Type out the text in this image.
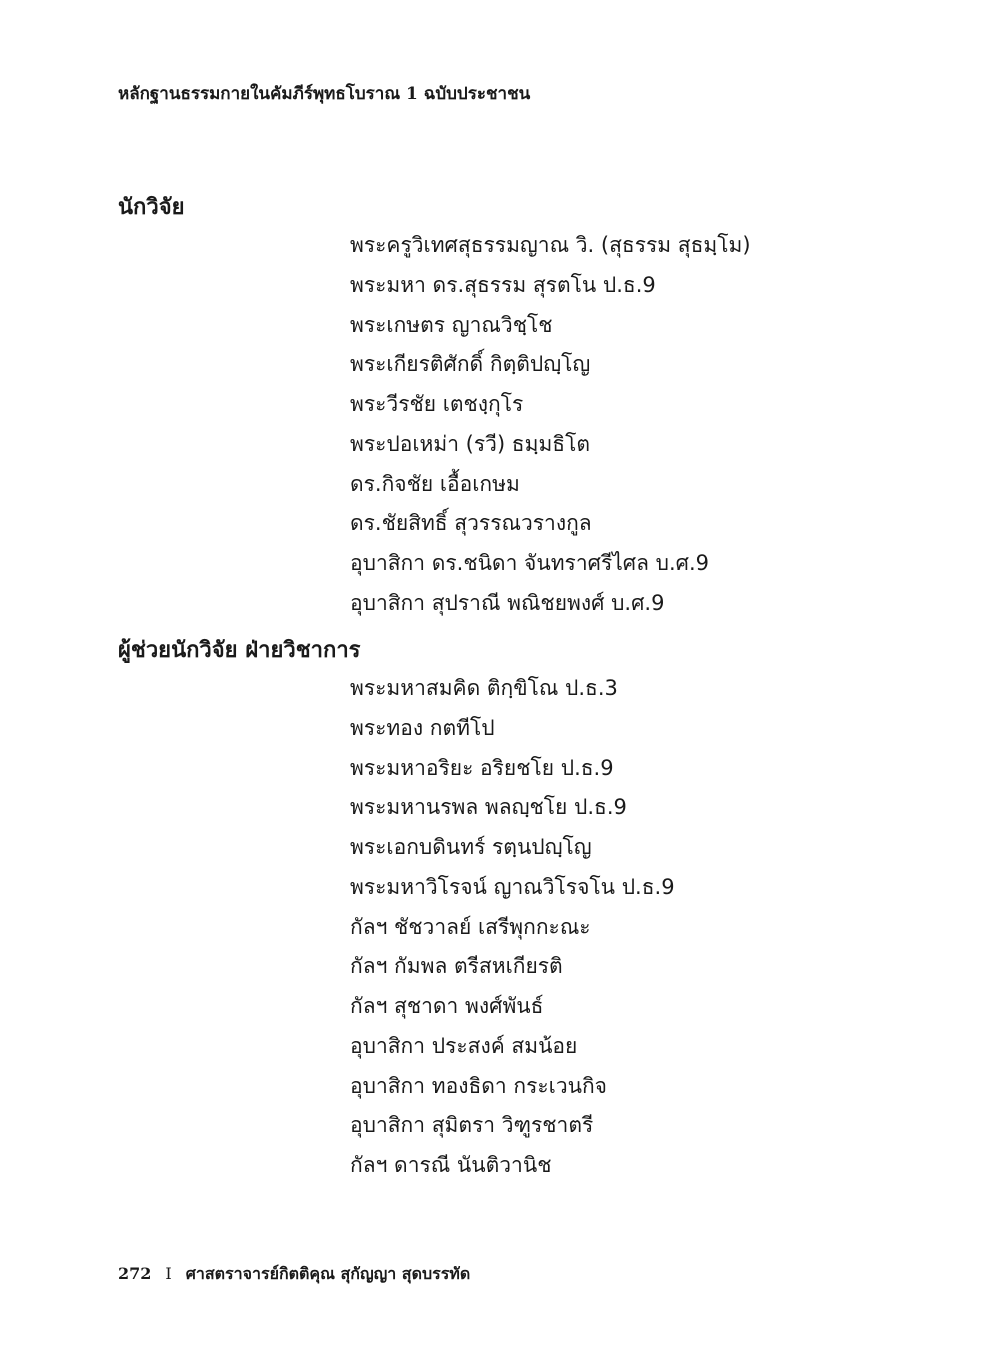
หลักฐานธรรมกายในคัมภีร์พุทธโบราณ 1 ฉบับประชาชน
นักวิจัย
พระครูวิเทศสุธรรมญาณ วิ. (สุธรรม สุธมฺโม)
พระมหา ดร.สุธรรม สุรตโน ป.ธ.9
พระเกษตร ญาณวิชฺโช
พระเกียรติศักดิ์ กิตฺติปญฺโญ
พระวีรชัย เตชงฺกุโร
พระปอเหม่า (รวี) ธมฺมธิโต
ดร.กิจชัย เอื้อเกษม
ดร.ชัยสิทธิ์ สุวรรณวรางกูล
อุบาสิกา ดร.ชนิดา จันทราศรีไศล บ.ศ.9
อุบาสิกา สุปราณี พณิชยพงศ์ บ.ศ.9
ผู้ช่วยนักวิจัย ฝ่ายวิชาการ
พระมหาสมคิด ติกฺขิโณ ป.ธ.3
พระทอง กตทีโป
พระมหาอริยะ อริยชโย ป.ธ.9
พระมหานรพล พลญฺชโย ป.ธ.9
พระเอกบดินทร์ รตฺนปญฺโญ
พระมหาวิโรจน์ ญาณวิโรจโน ป.ธ.9
กัลฯ ชัชวาลย์ เสรีพุกกะณะ
กัลฯ กัมพล ตรีสหเกียรติ
กัลฯ สุชาดา พงศ์พันธ์
อุบาสิกา ประสงค์ สมน้อย
อุบาสิกา ทองธิดา กระเวนกิจ
อุบาสิกา สุมิตรา วิฑูรชาตรี
กัลฯ ดารณี นันติวานิช
272 I ศาสตราจารย์กิตติคุณ สุกัญญา สุดบรรทัด
